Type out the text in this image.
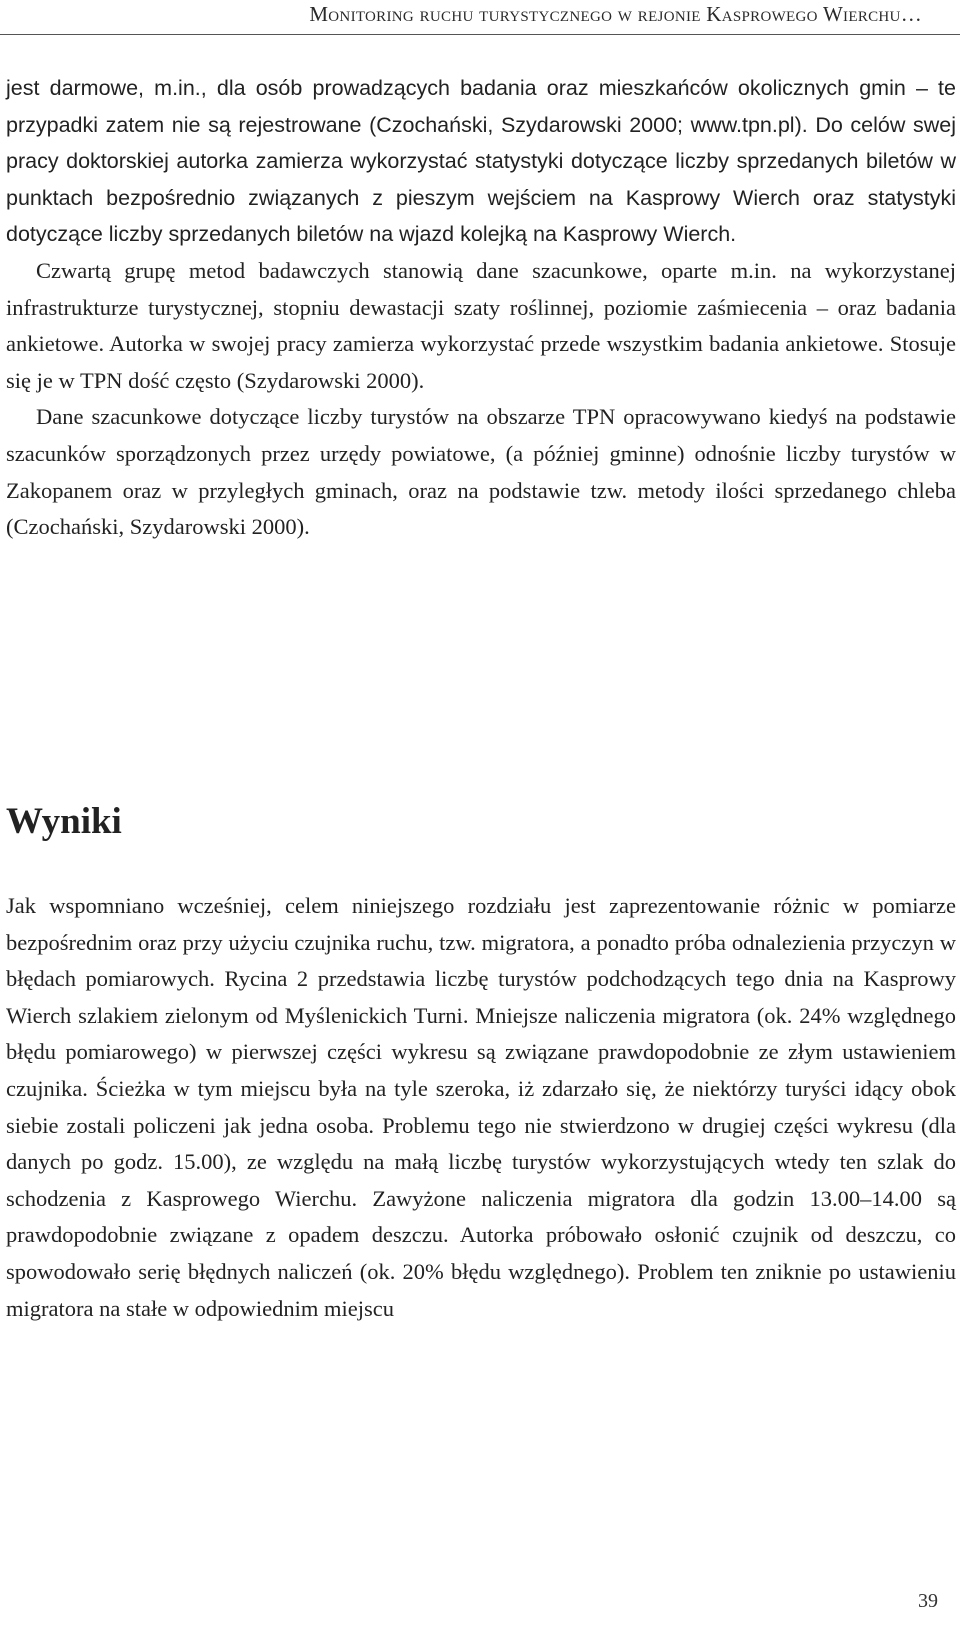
Monitoring ruchu turystycznego w rejonie Kasprowego Wierchu…

jest darmowe, m.in., dla osób prowadzących badania oraz mieszkańców okolicznych gmin – te przypadki zatem nie są rejestrowane (Czochański, Szydarowski 2000; www.tpn.pl). Do celów swej pracy doktorskiej autorka zamierza wykorzystać statystyki dotyczące liczby sprzedanych biletów w punktach bezpośrednio związanych z pieszym wejściem na Kasprowy Wierch oraz statystyki dotyczące liczby sprzedanych biletów na wjazd kolejką na Kasprowy Wierch.

Czwartą grupę metod badawczych stanowią dane szacunkowe, oparte m.in. na wykorzystanej infrastrukturze turystycznej, stopniu dewastacji szaty roślinnej, poziomie zaśmiecenia – oraz badania ankietowe. Autorka w swojej pracy zamierza wykorzystać przede wszystkim badania ankietowe. Stosuje się je w TPN dość często (Szydarowski 2000).

Dane szacunkowe dotyczące liczby turystów na obszarze TPN opracowywano kiedyś na podstawie szacunków sporządzonych przez urzędy powiatowe, (a później gminne) odnośnie liczby turystów w Zakopanem oraz w przyległych gminach, oraz na podstawie tzw. metody ilości sprzedanego chleba (Czochański, Szydarowski 2000).

Wyniki

Jak wspomniano wcześniej, celem niniejszego rozdziału jest zaprezentowanie różnic w pomiarze bezpośrednim oraz przy użyciu czujnika ruchu, tzw. migratora, a ponadto próba odnalezienia przyczyn w błędach pomiarowych. Rycina 2 przedstawia liczbę turystów podchodzących tego dnia na Kasprowy Wierch szlakiem zielonym od Myślenickich Turni. Mniejsze naliczenia migratora (ok. 24% względnego błędu pomiarowego) w pierwszej części wykresu są związane prawdopodobnie ze złym ustawieniem czujnika. Ścieżka w tym miejscu była na tyle szeroka, iż zdarzało się, że niektórzy turyści idący obok siebie zostali policzeni jak jedna osoba. Problemu tego nie stwierdzono w drugiej części wykresu (dla danych po godz. 15.00), ze względu na małą liczbę turystów wykorzystujących wtedy ten szlak do schodzenia z Kasprowego Wierchu. Zawyżone naliczenia migratora dla godzin 13.00–14.00 są prawdopodobnie związane z opadem deszczu. Autorka próbowało osłonić czujnik od deszczu, co spowodowało serię błędnych naliczeń (ok. 20% błędu względnego). Problem ten zniknie po ustawieniu migratora na stałe w odpowiednim miejscu

39
